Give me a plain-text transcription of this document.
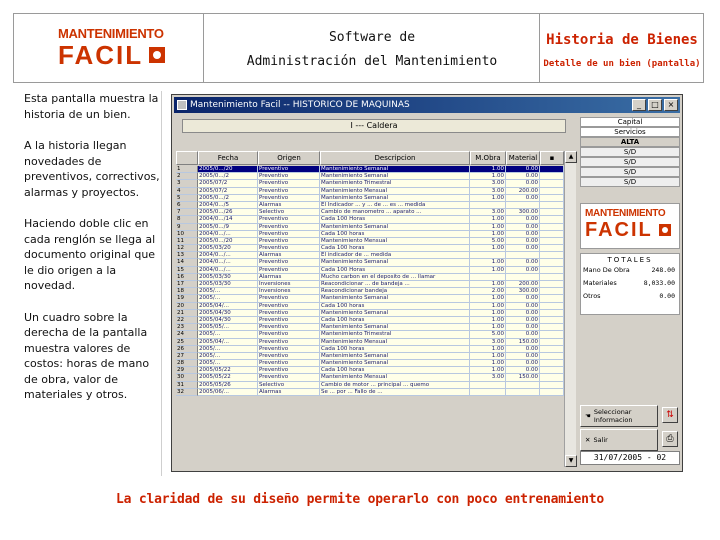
MANTENIMIENTO
FACIL
Software de
Administración del Mantenimiento
Historia de Bienes
Detalle de un bien (pantalla)

Esta pantalla muestra la historia de un bien.

A la historia llegan novedades de preventivos, correctivos, alarmas y proyectos.

Haciendo doble clic en cada renglón se llega al documento original que le dio origen a la novedad.

Un cuadro sobre la derecha de la pantalla muestra valores de costos: horas de mano de obra, valor de materiales y otros.

Mantenimiento Facil -- HISTORICO DE MAQUINAS	_	□	×
I --- Caldera
Fecha	Origen	Descripcion	M.Obra	Material	▪
1	2005/0.../20	Preventivo	Mantenimiento Semanal	1.00	0.00
2	2005/0.../2	Preventivo	Mantenimiento Semanal	1.00	0.00
3	2005/07/2	Preventivo	Mantenimiento Trimestral	3.00	0.00
4	2005/07/2	Preventivo	Mantenimiento Mensual	3.00	200.00
5	2005/0.../2	Preventivo	Mantenimiento Semanal	1.00	0.00
6	2004/0.../5	Alarmas	El Indicador ... y ... de ... es ... medida
7	2005/0.../26	Selectivo	Cambio de manometro ... aparato ...	3.00	300.00
8	2004/0.../14	Preventivo	Cada 100 Horas	1.00	0.00
9	2005/0.../9	Preventivo	Mantenimiento Semanal	1.00	0.00
10	2004/0.../...	Preventivo	Cada 100 horas	1.00	0.00
11	2005/0.../20	Preventivo	Mantenimiento Mensual	5.00	0.00
12	2005/03/20	Preventivo	Cada 100 horas	1.00	0.00
13	2004/0.../...	Alarmas	El indicador de ... medida
14	2004/0.../...	Preventivo	Mantenimiento Semanal	1.00	0.00
15	2004/0.../...	Preventivo	Cada 100 Horas	1.00	0.00
16	2005/03/30	Alarmas	Mucho carbon en el deposito de ... llamar
17	2005/03/30	Inversiones	Reacondicionar ... de bandeja ...	1.00	200.00
18	2005/...	Inversiones	Reacondicionar bandeja	2.00	300.00
19	2005/...	Preventivo	Mantenimiento Semanal	1.00	0.00
20	2005/04/...	Preventivo	Cada 100 horas	1.00	0.00
21	2005/04/30	Preventivo	Mantenimiento Semanal	1.00	0.00
22	2005/04/30	Preventivo	Cada 100 horas	1.00	0.00
23	2005/05/...	Preventivo	Mantenimiento Semanal	1.00	0.00
24	2005/...	Preventivo	Mantenimiento Trimestral	5.00	0.00
25	2005/04/...	Preventivo	Mantenimiento Mensual	3.00	150.00
26	2005/...	Preventivo	Cada 100 horas	1.00	0.00
27	2005/...	Preventivo	Mantenimiento Semanal	1.00	0.00
28	2005/...	Preventivo	Mantenimiento Semanal	1.00	0.00
29	2005/05/22	Preventivo	Cada 100 horas	1.00	0.00
30	2005/05/22	Preventivo	Mantenimiento Mensual	3.00	150.00
31	2005/05/26	Selectivo	Cambio de motor ... principal ... quemo
32	2005/06/...	Alarmas	Se ... por ... Fallo de ...
▲
▼
Capital
Servicios
ALTA
S/D
S/D
S/D
S/D
MANTENIMIENTO
FACIL
TOTALES
Mano De Obra	248.00
Materiales	8,033.00
Otros	0.00
☚ Seleccionar Informacion	⇅
✕ Salir	⎙
31/07/2005 - 02
La claridad de su diseño permite operarlo con poco entrenamiento
